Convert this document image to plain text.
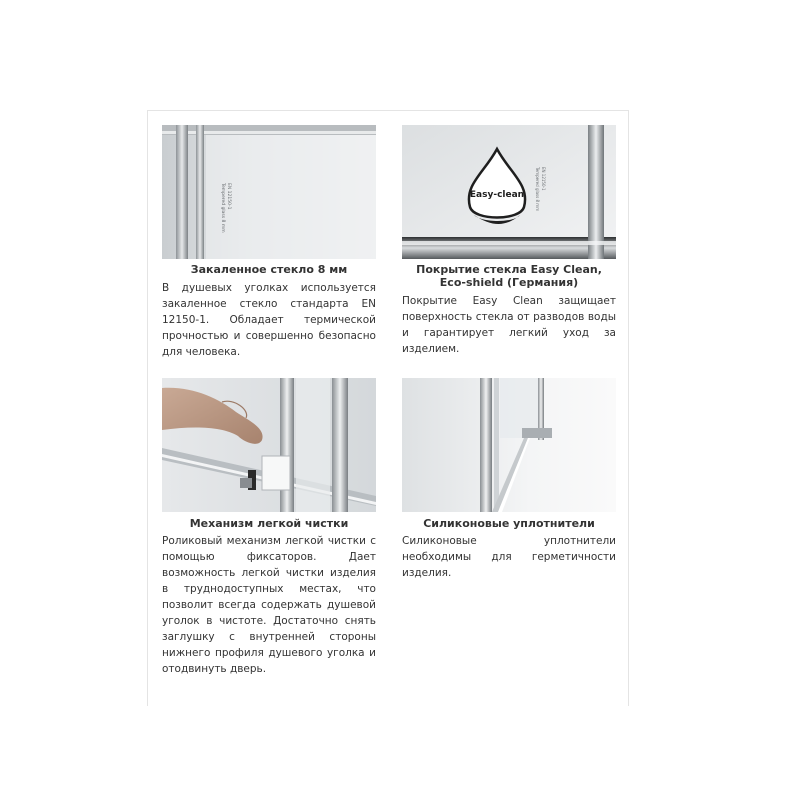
EN 12150-1
Tempered glass 8 mm
Закаленное стекло 8 мм

В душевых уголках используется закаленное стекло стандарта EN 12150-1. Обладает термической прочностью и совершенно безопасно для человека.

Easy-clean
EN 12150-1
Tempered glass 8 mm
Покрытие стекла Easy Clean, Eco-shield (Германия)

Покрытие Easy Clean защищает поверхность стекла от разводов воды и гарантирует легкий уход за изделием.

Механизм легкой чистки

Роликовый механизм легкой чистки с помощью фиксаторов. Дает возможность легкой чистки изделия в труднодоступных местах, что позволит всегда содержать душевой уголок в чистоте. Достаточно снять заглушку с внутренней стороны нижнего профиля душевого уголка и отодвинуть дверь.

Силиконовые уплотнители

Силиконовые уплотнители необходимы для герметичности изделия.
